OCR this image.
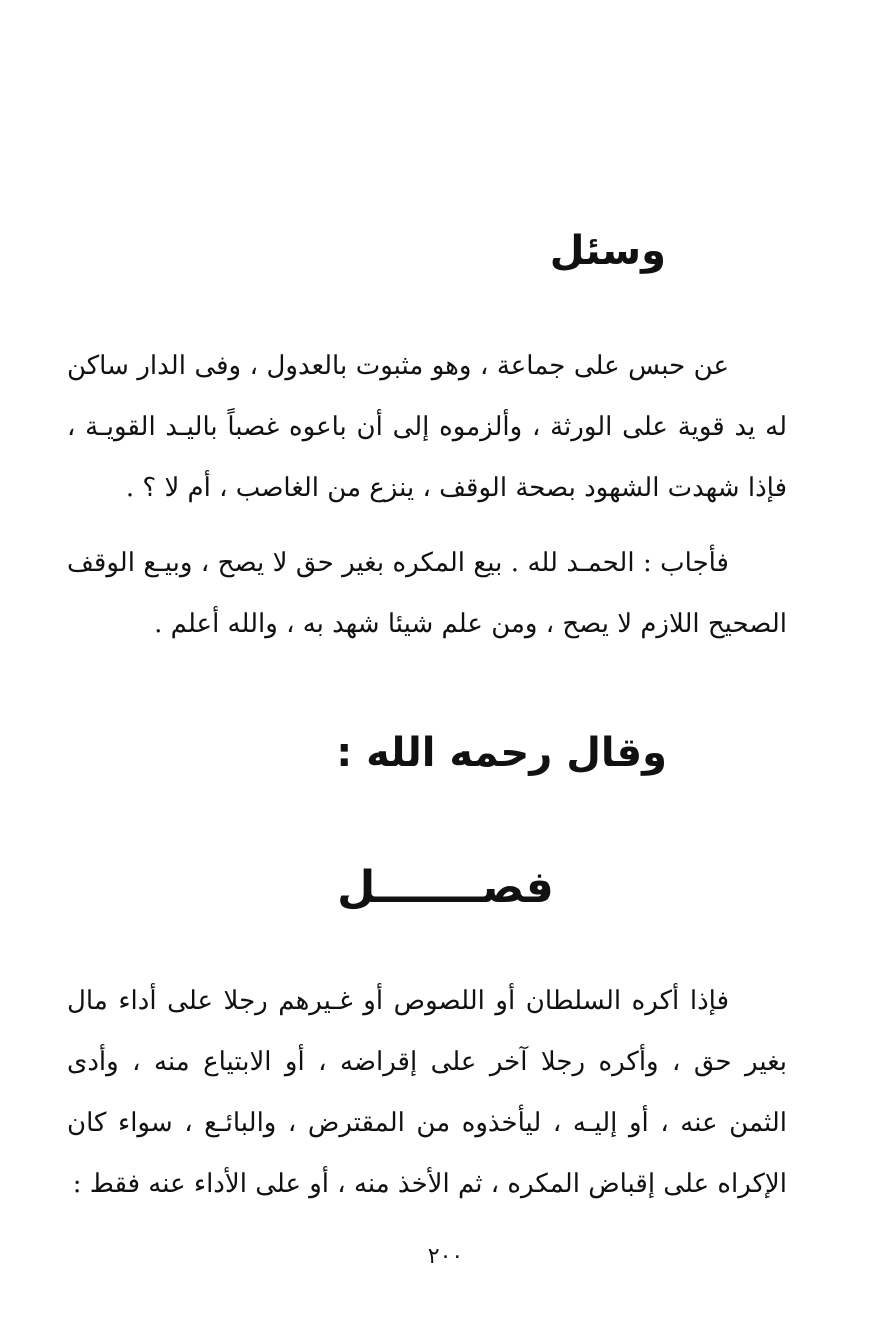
وسئل
عن حبس على جماعة ، وهو مثبوت بالعدول ، وفى الدار ساكن
له يد قوية على الورثة ، وألزموه إلى أن باعوه غصباً باليـد القويـة ،
فإذا شهدت الشهود بصحة الوقف ، ينزع من الغاصب ، أم لا ؟ .
فأجاب : الحمـد لله . بيع المكره بغير حق لا يصح ، وبيـع الوقف
الصحيح اللازم لا يصح ، ومن علم شيئا شهد به ، والله أعلم .
وقال رحمه الله :
فصـــــــل
فإذا أكره السلطان أو اللصوص أو غـيرهم رجلا على أداء مال
بغير حق ، وأكره رجلا آخر على إقراضه ، أو الابتياع منه ، وأدى
الثمن عنه ، أو إليـه ، ليأخذوه من المقترض ، والبائـع ، سواء كان
الإكراه على إقباض المكره ، ثم الأخذ منه ، أو على الأداء عنه فقط :
٢٠٠
